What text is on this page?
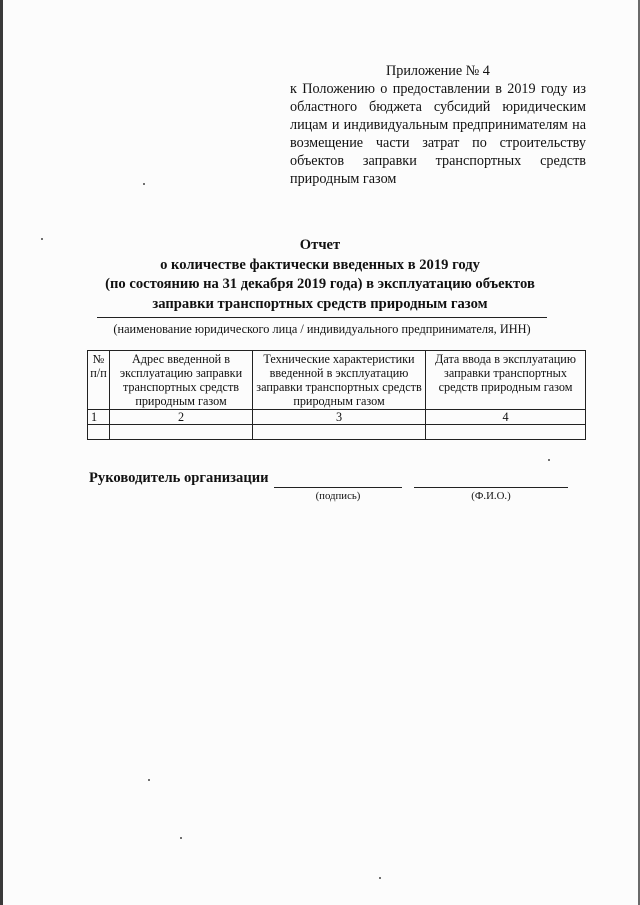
Приложение № 4
к Положению о предоставлении в 2019 году из областного бюджета субсидий юридическим лицам и индивидуальным предпринимателям на возмещение части затрат по строительству объектов заправки транспортных средств природным газом
Отчет
о количестве фактически введенных в 2019 году
(по состоянию на 31 декабря 2019 года) в эксплуатацию объектов
заправки транспортных средств природным газом
(наименование юридического лица / индивидуального предпринимателя, ИНН)
№ п/п	Адрес введенной в эксплуатацию заправки транспортных средств природным газом	Технические характеристики введенной в эксплуатацию заправки транспортных средств природным газом	Дата ввода в эксплуатацию заправки транспортных средств природным газом
1	2	3	4

Руководитель организации
(подпись)	(Ф.И.О.)
